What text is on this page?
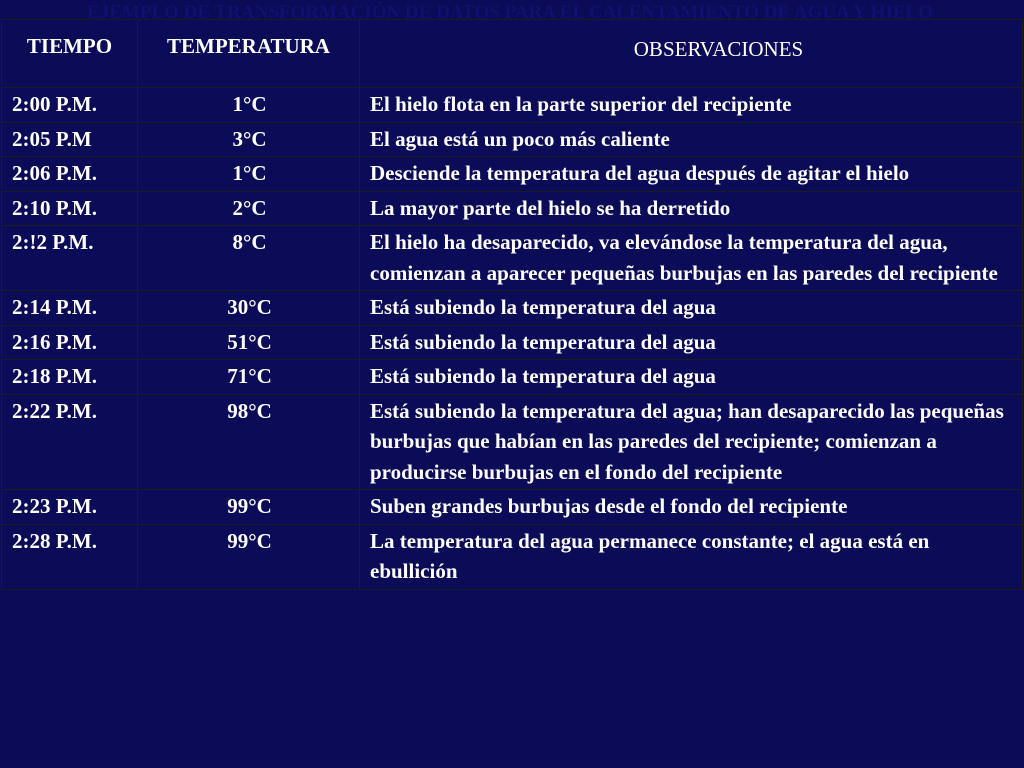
EJEMPLO DE TRANSFORMACIÓN DE DATOS PARA EL CALENTAMIENTO DE AGUA Y HIELO
TIEMPO	TEMPERATURA	OBSERVACIONES
2:00 P.M.	1°C	El hielo flota en la parte superior del recipiente
2:05 P.M	3°C	El agua está un poco más caliente
2:06 P.M.	1°C	Desciende la temperatura del agua después de agitar el hielo
2:10 P.M.	2°C	La mayor parte del hielo se ha derretido
2:!2 P.M.	8°C	El hielo ha desaparecido, va elevándose la temperatura del agua, comienzan a aparecer pequeñas burbujas en las paredes del recipiente
2:14 P.M.	30°C	Está subiendo la temperatura del agua
2:16 P.M.	51°C	Está subiendo la temperatura del agua
2:18 P.M.	71°C	Está subiendo la temperatura del agua
2:22 P.M.	98°C	Está subiendo la temperatura del agua; han desaparecido las pequeñas burbujas que habían en las paredes del recipiente; comienzan a producirse burbujas en el fondo del recipiente
2:23 P.M.	99°C	Suben grandes burbujas desde el fondo del recipiente
2:28 P.M.	99°C	La temperatura del agua permanece constante; el agua está en ebullición
